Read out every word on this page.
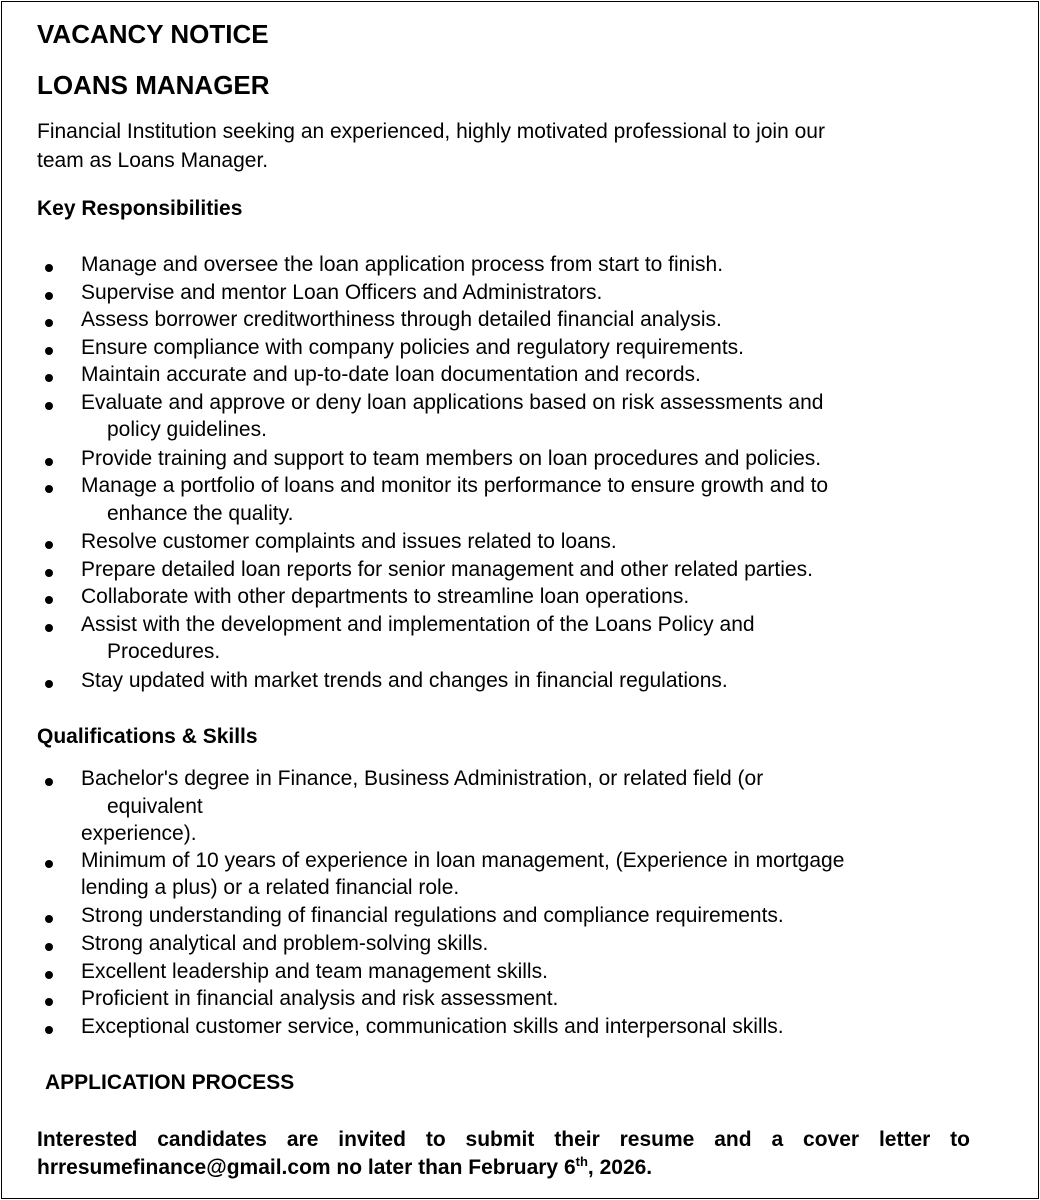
VACANCY NOTICE
LOANS MANAGER
Financial Institution seeking an experienced, highly motivated professional to join our
team as Loans Manager.
Key Responsibilities
Manage and oversee the loan application process from start to finish.
Supervise and mentor Loan Officers and Administrators.
Assess borrower creditworthiness through detailed financial analysis.
Ensure compliance with company policies and regulatory requirements.
Maintain accurate and up-to-date loan documentation and records.
Evaluate and approve or deny loan applications based on risk assessments and
policy guidelines.
Provide training and support to team members on loan procedures and policies.
Manage a portfolio of loans and monitor its performance to ensure growth and to
enhance the quality.
Resolve customer complaints and issues related to loans.
Prepare detailed loan reports for senior management and other related parties.
Collaborate with other departments to streamline loan operations.
Assist with the development and implementation of the Loans Policy and
Procedures.
Stay updated with market trends and changes in financial regulations.
Qualifications & Skills
Bachelor's degree in Finance, Business Administration, or related field (or
equivalent
experience).
Minimum of 10 years of experience in loan management, (Experience in mortgage
lending a plus) or a related financial role.
Strong understanding of financial regulations and compliance requirements.
Strong analytical and problem-solving skills.
Excellent leadership and team management skills.
Proficient in financial analysis and risk assessment.
Exceptional customer service, communication skills and interpersonal skills.
APPLICATION PROCESS
Interested candidates are invited to submit their resume and a cover letter to
hrresumefinance@gmail.com no later than February 6th, 2026.
